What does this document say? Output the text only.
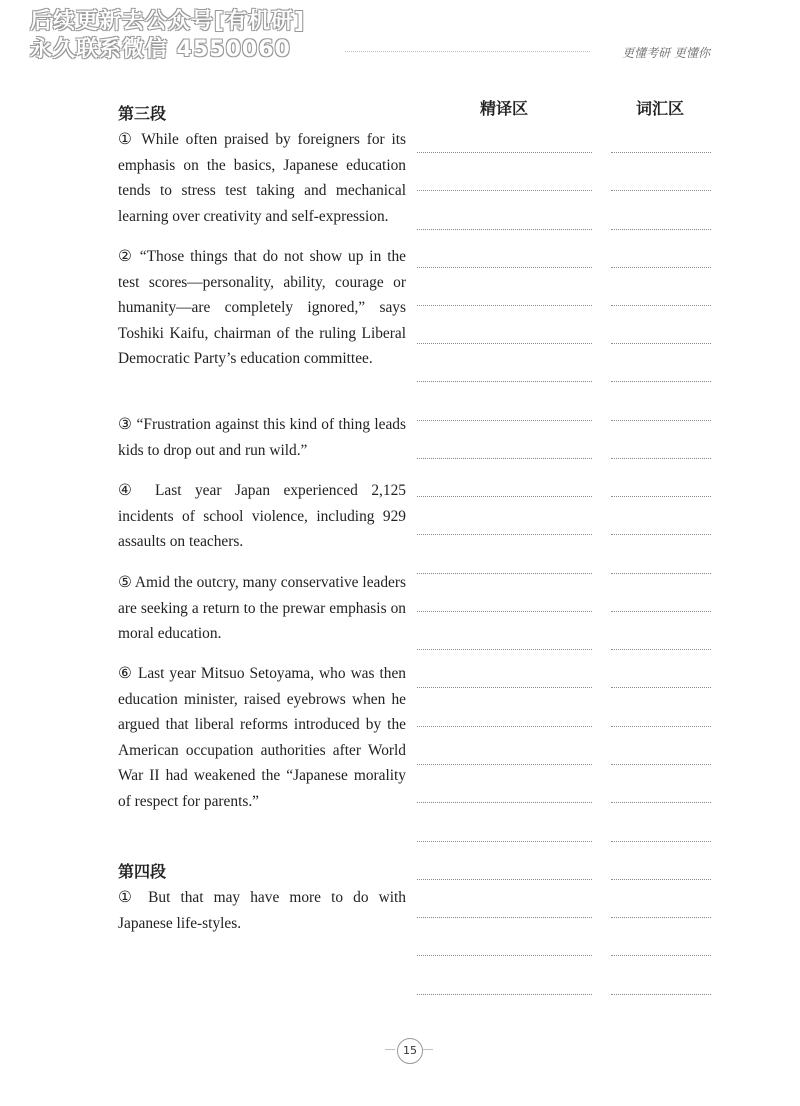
后续更新去公众号[有机研]
永久联系微信 4550060	更懂考研 更懂你
精译区	词汇区
第三段

① While often praised by foreigners for its emphasis on the basics, Japanese education tends to stress test taking and mechanical learning over creativity and self-expression.

② “Those things that do not show up in the test scores—personality, ability, courage or humanity—are completely ignored,” says Toshiki Kaifu, chairman of the ruling Liberal Democratic Party’s education committee.

③ “Frustration against this kind of thing leads kids to drop out and run wild.”

④ Last year Japan experienced 2,125 incidents of school violence, including 929 assaults on teachers.

⑤ Amid the outcry, many conservative leaders are seeking a return to the prewar emphasis on moral education.

⑥ Last year Mitsuo Setoyama, who was then education minister, raised eyebrows when he argued that liberal reforms introduced by the American occupation authorities after World War II had weakened the “Japanese morality of respect for parents.”

第四段

① But that may have more to do with Japanese life-styles.

15
